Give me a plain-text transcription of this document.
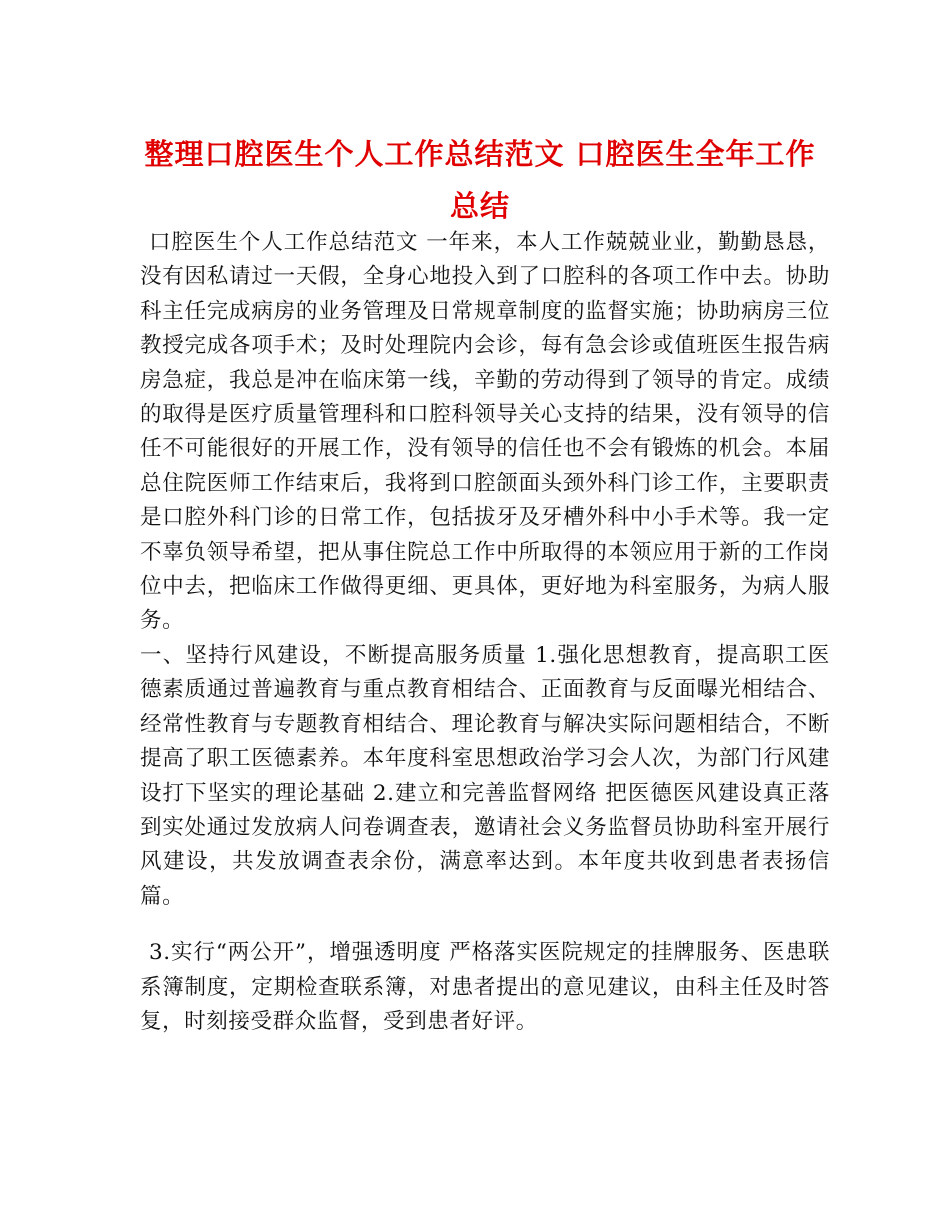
整理口腔医生个人工作总结范文 口腔医生全年工作总结

口腔医生个人工作总结范文 一年来，本人工作兢兢业业，勤勤恳恳，没有因私请过一天假，全身心地投入到了口腔科的各项工作中去。协助科主任完成病房的业务管理及日常规章制度的监督实施；协助病房三位教授完成各项手术；及时处理院内会诊，每有急会诊或值班医生报告病房急症，我总是冲在临床第一线，辛勤的劳动得到了领导的肯定。成绩的取得是医疗质量管理科和口腔科领导关心支持的结果，没有领导的信任不可能很好的开展工作，没有领导的信任也不会有锻炼的机会。本届总住院医师工作结束后，我将到口腔颌面头颈外科门诊工作，主要职责是口腔外科门诊的日常工作，包括拔牙及牙槽外科中小手术等。我一定不辜负领导希望，把从事住院总工作中所取得的本领应用于新的工作岗位中去，把临床工作做得更细、更具体，更好地为科室服务，为病人服务。

一、坚持行风建设，不断提高服务质量 1.强化思想教育，提高职工医德素质通过普遍教育与重点教育相结合、正面教育与反面曝光相结合、经常性教育与专题教育相结合、理论教育与解决实际问题相结合，不断提高了职工医德素养。本年度科室思想政治学习会人次，为部门行风建设打下坚实的理论基础 2.建立和完善监督网络 把医德医风建设真正落到实处通过发放病人问卷调查表，邀请社会义务监督员协助科室开展行风建设，共发放调查表余份，满意率达到。本年度共收到患者表扬信篇。

3.实行“两公开”，增强透明度 严格落实医院规定的挂牌服务、医患联系簿制度，定期检查联系簿，对患者提出的意见建议，由科主任及时答复，时刻接受群众监督，受到患者好评。
